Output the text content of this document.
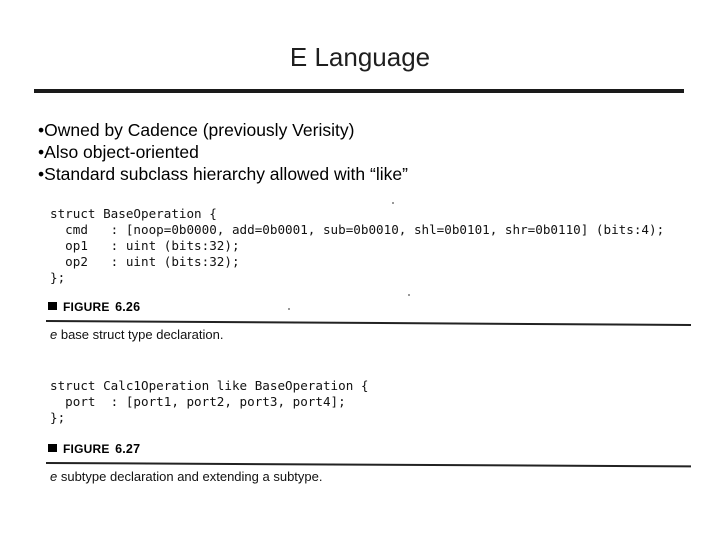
E Language
• Owned by Cadence (previously Verisity)
• Also object-oriented
• Standard subclass hierarchy allowed with “like”
struct BaseOperation {
cmd   : [noop=0b0000, add=0b0001, sub=0b0010, shl=0b0101, shr=0b0110] (bits:4);
op1   : uint (bits:32);
op2   : uint (bits:32);
};
FIGURE 6.26
e base struct type declaration.
struct Calc1Operation like BaseOperation {
port  : [port1, port2, port3, port4];
};
FIGURE 6.27
e subtype declaration and extending a subtype.
